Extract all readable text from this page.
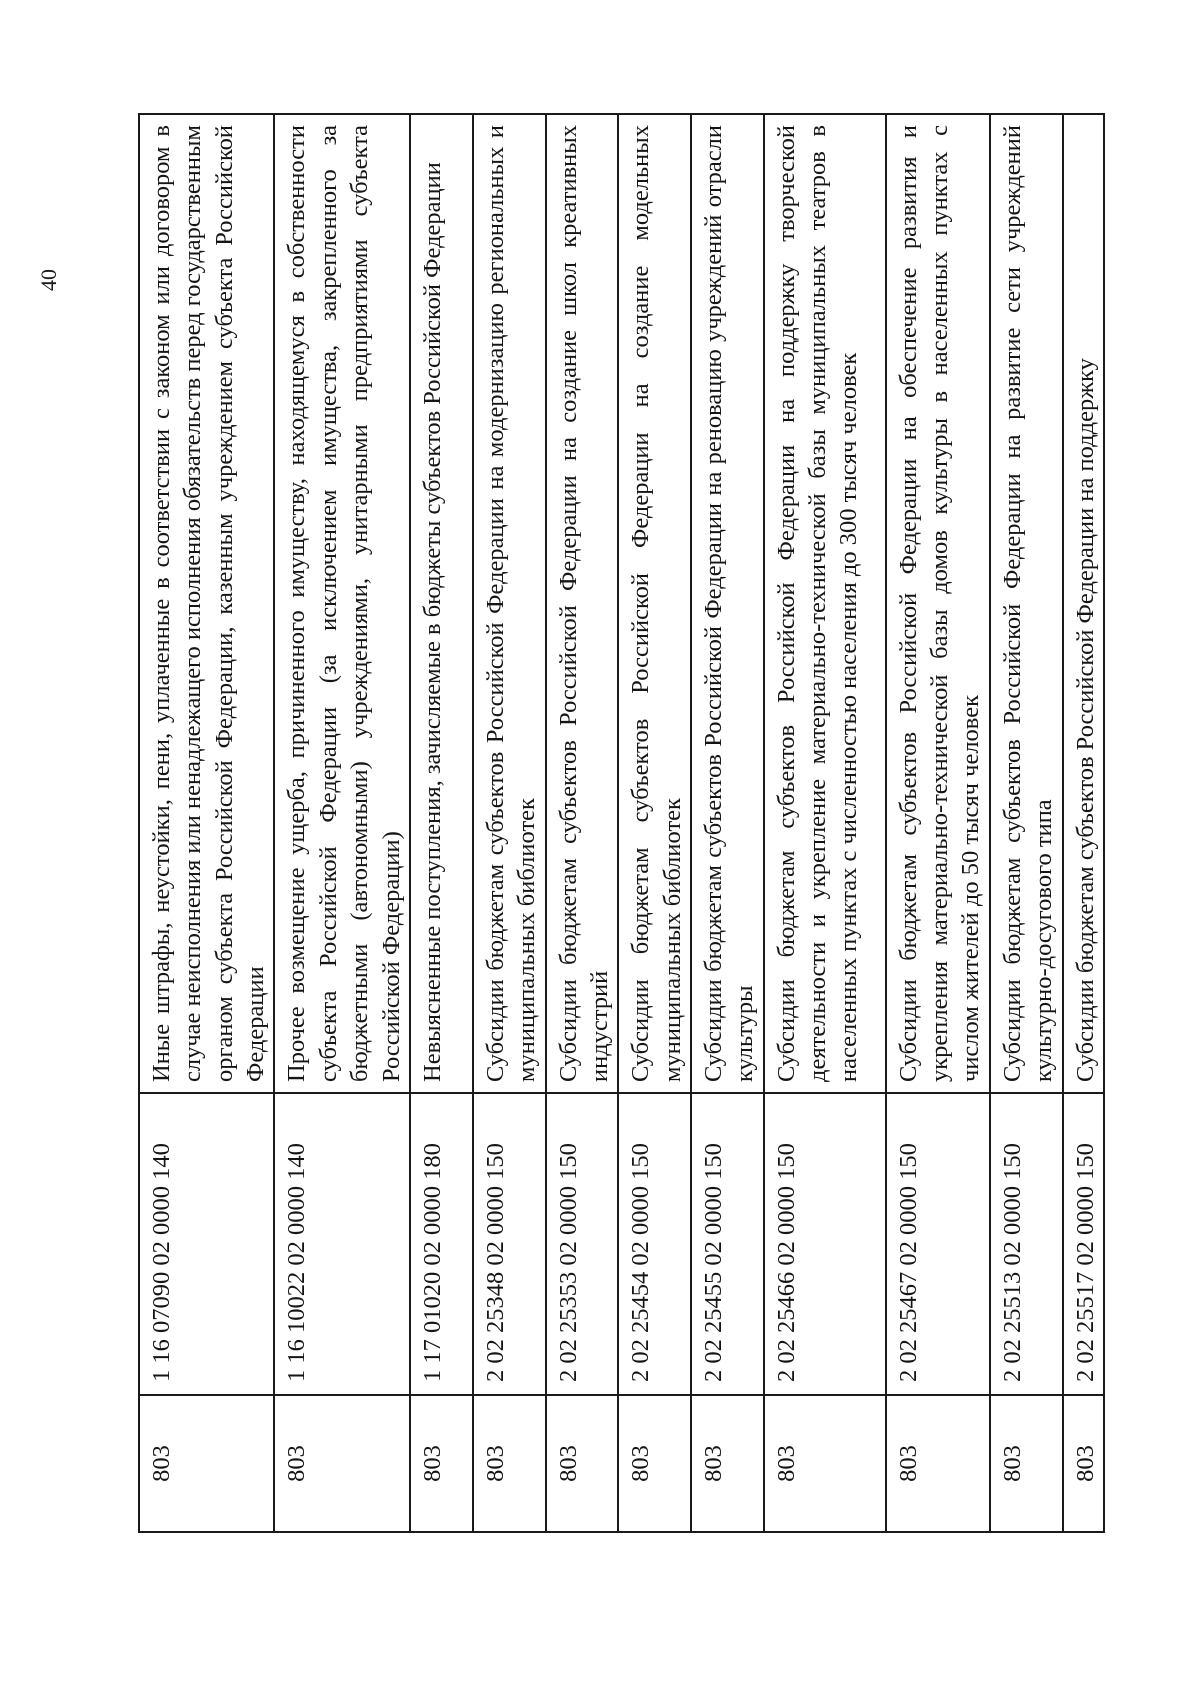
40
803	1 16 07090 02 0000 140	Иные штрафы, неустойки, пени, уплаченные в соответствии с законом или договором в случае неисполнения или ненадлежащего исполнения обязательств перед государственным органом субъекта Российской Федерации, казенным учреждением субъекта Российской Федерации
803	1 16 10022 02 0000 140	Прочее возмещение ущерба, причиненного имуществу, находящемуся в собственности субъекта Российской Федерации (за исключением имущества, закрепленного за бюджетными (автономными) учреждениями, унитарными предприятиями субъекта Российской Федерации)
803	1 17 01020 02 0000 180	Невыясненные поступления, зачисляемые в бюджеты субъектов Российской Федерации
803	2 02 25348 02 0000 150	Субсидии бюджетам субъектов Российской Федерации на модернизацию региональных и муниципальных библиотек
803	2 02 25353 02 0000 150	Субсидии бюджетам субъектов Российской Федерации на создание школ креативных индустрий
803	2 02 25454 02 0000 150	Субсидии бюджетам субъектов Российской Федерации на создание модельных муниципальных библиотек
803	2 02 25455 02 0000 150	Субсидии бюджетам субъектов Российской Федерации на реновацию учреждений отрасли культуры
803	2 02 25466 02 0000 150	Субсидии бюджетам субъектов Российской Федерации на поддержку творческой деятельности и укрепление материально-технической базы муниципальных театров в населенных пунктах с численностью населения до 300 тысяч человек
803	2 02 25467 02 0000 150	Субсидии бюджетам субъектов Российской Федерации на обеспечение развития и укрепления материально-технической базы домов культуры в населенных пунктах с числом жителей до 50 тысяч человек
803	2 02 25513 02 0000 150	Субсидии бюджетам субъектов Российской Федерации на развитие сети учреждений культурно-досугового типа
803	2 02 25517 02 0000 150	Субсидии бюджетам субъектов Российской Федерации на поддержку
